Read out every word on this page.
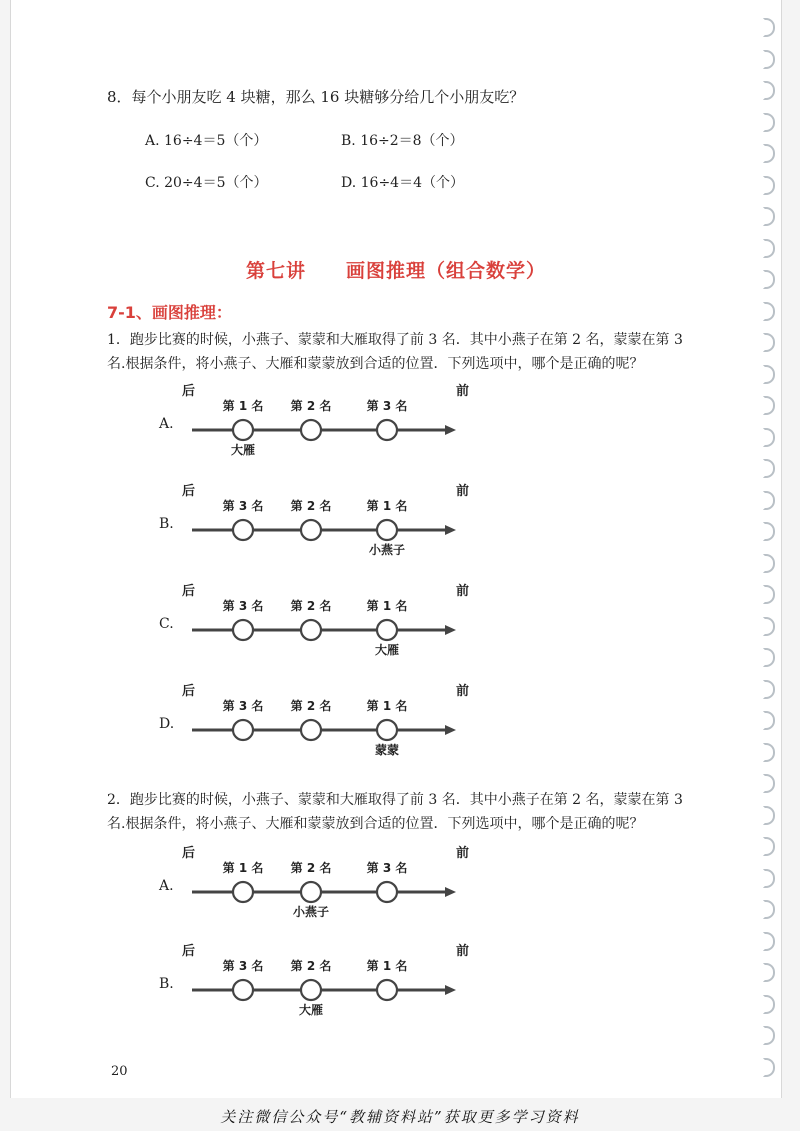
8．每个小朋友吃 4 块糖，那么 16 块糖够分给几个小朋友吃？
A. 16÷4＝5（个）	B. 16÷2＝8（个）
C. 20÷4＝5（个）	D. 16÷4＝4（个）
第七讲　　画图推理（组合数学）
7-1、画图推理：
1．跑步比赛的时候，小燕子、蒙蒙和大雁取得了前 3 名．其中小燕子在第 2 名，蒙蒙在第 3
名.根据条件，将小燕子、大雁和蒙蒙放到合适的位置．下列选项中，哪个是正确的呢？
2．跑步比赛的时候，小燕子、蒙蒙和大雁取得了前 3 名．其中小燕子在第 2 名，蒙蒙在第 3
名.根据条件，将小燕子、大雁和蒙蒙放到合适的位置．下列选项中，哪个是正确的呢？
20
A.
后	前
第 1 名	第 2 名	第 3 名
大雁
B.
后	前
第 3 名	第 2 名	第 1 名
小燕子
C.
后	前
第 3 名	第 2 名	第 1 名
大雁
D.
后	前
第 3 名	第 2 名	第 1 名
蒙蒙
A.
后	前
第 1 名	第 2 名	第 3 名
小燕子
B.
后	前
第 3 名	第 2 名	第 1 名
大雁
关注微信公众号“教辅资料站”获取更多学习资料
